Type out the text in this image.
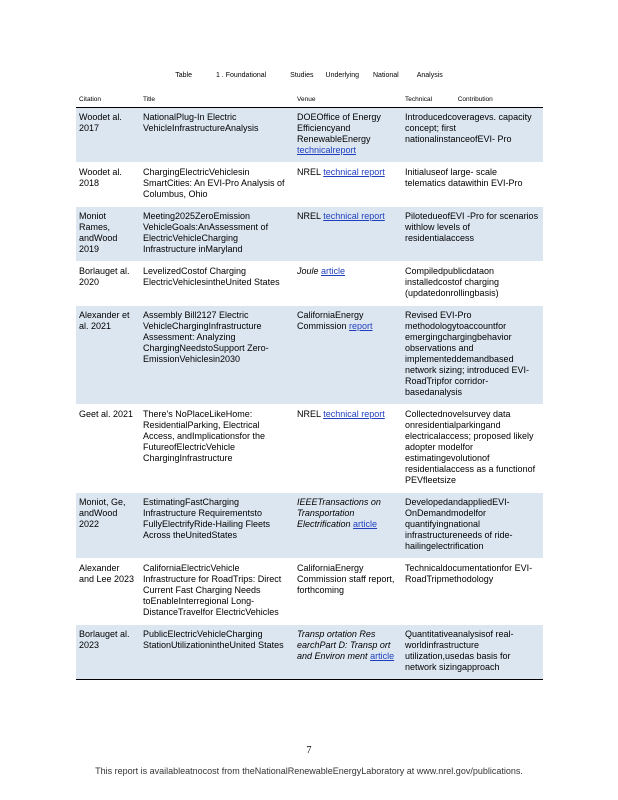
Table	1 . Foundational	Studies Underlying National	Analysis
Citation	Title	Venue	Technical Contribution
Woodet al. 2017	NationalPlug-In Electric VehicleInfrastructureAnalysis	DOEOffice of Energy Efficiencyand RenewableEnergy technicalreport	Introducedcoveragevs. capacity concept; first nationalinstanceofEVI- Pro
Woodet al. 2018	ChargingElectricVehiclesin SmartCities: An EVI-Pro Analysis of Columbus, Ohio	NREL technical report	Initialuseof large- scale telematics datawithin EVI-Pro
Moniot Rames, andWood 2019	Meeting2025ZeroEmission VehicleGoals:AnAssessment of ElectricVehicleCharging Infrastructure inMaryland	NREL technical report	PilotedueofEVI -Pro for scenarios withlow levels of residentialaccess
Borlauget al. 2020	LevelizedCostof Charging ElectricVehiclesintheUnited States	Joule article	Compiledpublicdataon installedcostof charging (updatedonrollingbasis)
Alexander et al. 2021	Assembly Bill2127 Electric VehicleChargingInfrastructure Assessment: Analyzing ChargingNeedstoSupport Zero-EmissionVehiclesin2030	CaliforniaEnergy Commission report	Revised EVI-Pro methodologytoaccountfor emergingchargingbehavior observations and implementeddemandbased network sizing; introduced EVI-RoadTripfor corridor-basedanalysis
Geet al. 2021	There's NoPlaceLikeHome: ResidentialParking, Electrical Access, andImplicationsfor the FutureofElectricVehicle ChargingInfrastructure	NREL technical report	Collectednovelsurvey data onresidentialparkingand electricalaccess; proposed likely adopter modelfor estimatingevolutionof residentialaccess as a functionof PEVfleetsize
Moniot, Ge, andWood 2022	EstimatingFastCharging Infrastructure Requirementsto FullyElectrifyRide-Hailing Fleets Across theUnitedStates	IEEETransactions on Transportation Electrification article	DevelopedandappliedEVI-OnDemandmodelfor quantifyingnational infrastructureneeds of ride-hailingelectrification
Alexander and Lee 2023	CaliforniaElectricVehicle Infrastructure for RoadTrips: Direct Current Fast Charging Needs toEnableInterregional Long-DistanceTravelfor ElectricVehicles	CaliforniaEnergy Commission staff report, forthcoming	Technicaldocumentationfor EVI-RoadTripmethodology
Borlauget al. 2023	PublicElectricVehicleCharging StationUtilizationintheUnited States	Transp ortation Res earchPart D: Transp ort and Environ ment article	Quantitativeanalysisof real-worldinfrastructure utilization,usedas basis for network sizingapproach
7
This report is availableatnocost from theNationalRenewableEnergyLaboratory at www.nrel.gov/publications.
